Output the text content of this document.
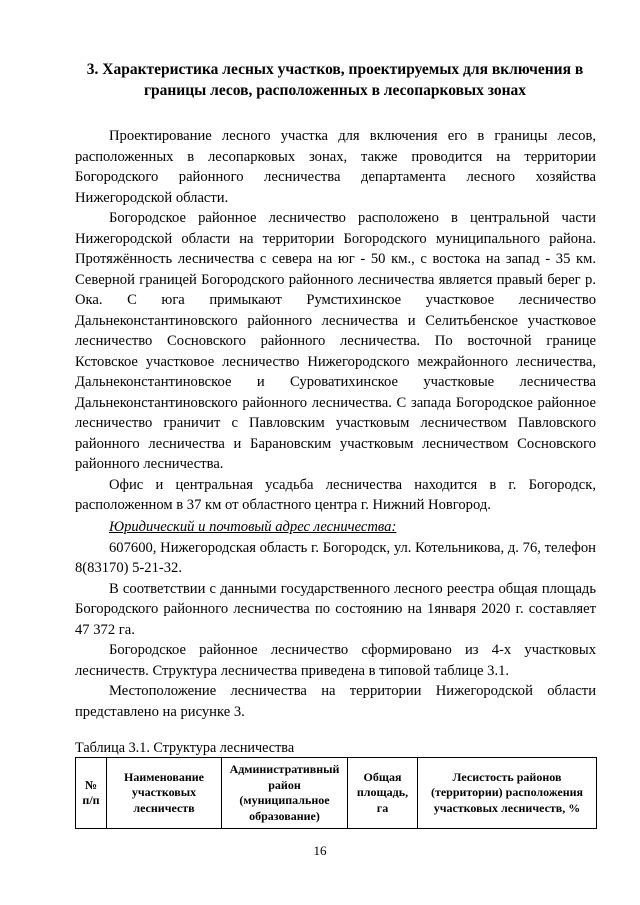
3. Характеристика лесных участков, проектируемых для включения в границы лесов, расположенных в лесопарковых зонах

Проектирование лесного участка для включения его в границы лесов, расположенных в лесопарковых зонах, также проводится на территории Богородского районного лесничества департамента лесного хозяйства Нижегородской области.

Богородское районное лесничество расположено в центральной части Нижегородской области на территории Богородского муниципального района. Протяжённость лесничества с севера на юг - 50 км., с востока на запад - 35 км. Северной границей Богородского районного лесничества является правый берег р. Ока. С юга примыкают Румстихинское участковое лесничество Дальнеконстантиновского районного лесничества и Селитьбенское участковое лесничество Сосновского районного лесничества. По восточной границе Кстовское участковое лесничество Нижегородского межрайонного лесничества, Дальнеконстантиновское и Суроватихинское участковые лесничества Дальнеконстантиновского районного лесничества. С запада Богородское районное лесничество граничит с Павловским участковым лесничеством Павловского районного лесничества и Барановским участковым лесничеством Сосновского районного лесничества.

Офис и центральная усадьба лесничества находится в г. Богородск, расположенном в 37 км от областного центра г. Нижний Новгород.

Юридический и почтовый адрес лесничества:

607600, Нижегородская область г. Богородск, ул. Котельникова, д. 76, телефон 8(83170) 5-21-32.

В соответствии с данными государственного лесного реестра общая площадь Богородского районного лесничества по состоянию на 1января 2020 г. составляет 47 372 га.

Богородское районное лесничество сформировано из 4-х участковых лесничеств. Структура лесничества приведена в типовой таблице 3.1.

Местоположение лесничества на территории Нижегородской области представлено на рисунке 3.

Таблица 3.1. Структура лесничества
№ п/п	Наименование участковых лесничеств	Административный район (муниципальное образование)	Общая площадь, га	Лесистость районов (территории) расположения участковых лесничеств, %
16
